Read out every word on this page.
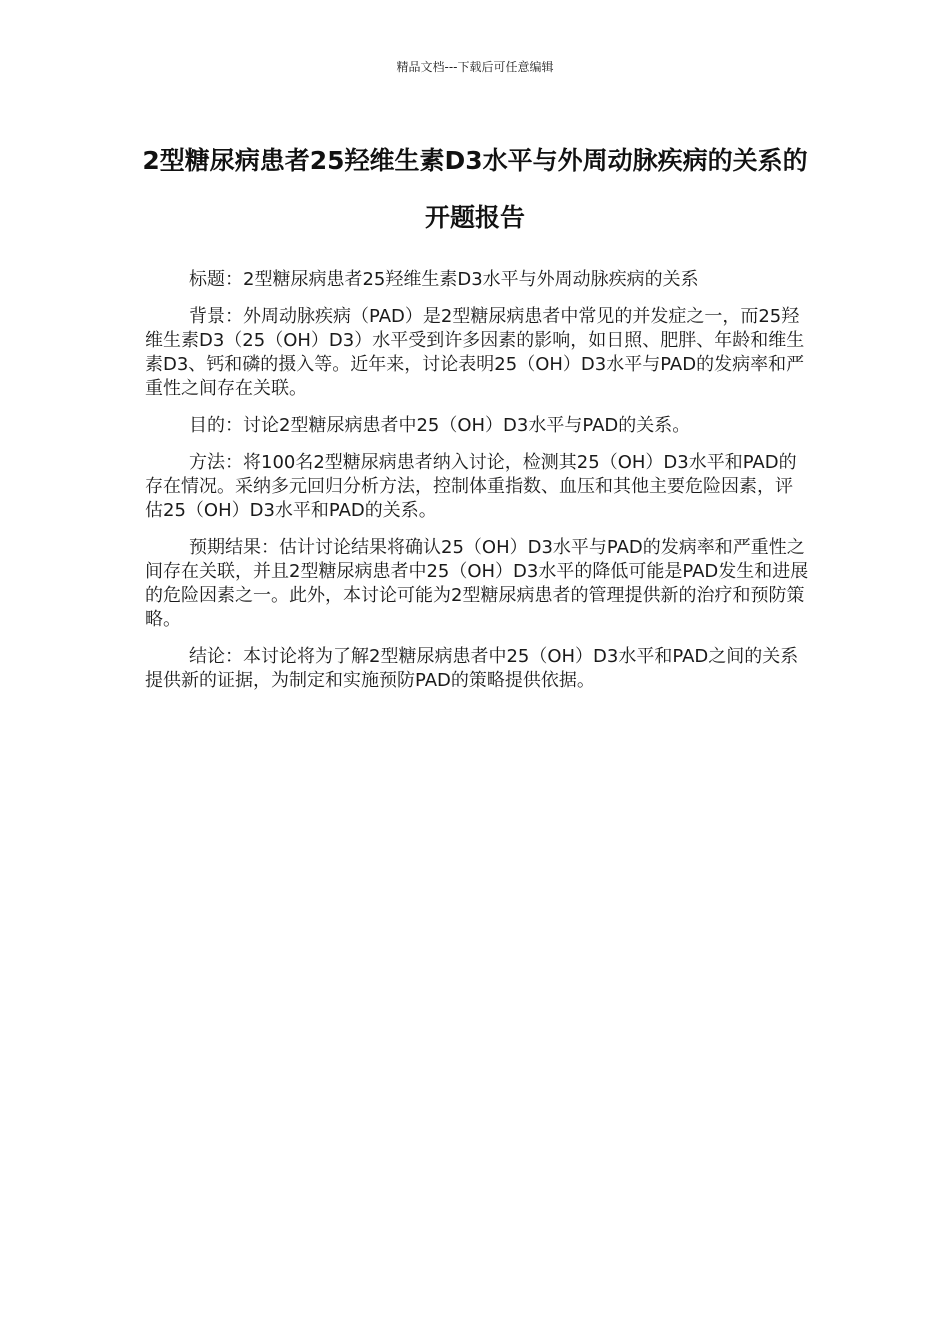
精品文档---下载后可任意编辑
2型糖尿病患者25羟维生素D3水平与外周动脉疾病的关系的开题报告

标题：2型糖尿病患者25羟维生素D3水平与外周动脉疾病的关系

背景：外周动脉疾病（PAD）是2型糖尿病患者中常见的并发症之一，而25羟维生素D3（25（OH）D3）水平受到许多因素的影响，如日照、肥胖、年龄和维生素D3、钙和磷的摄入等。近年来，讨论表明25（OH）D3水平与PAD的发病率和严重性之间存在关联。

目的：讨论2型糖尿病患者中25（OH）D3水平与PAD的关系。

方法：将100名2型糖尿病患者纳入讨论，检测其25（OH）D3水平和PAD的存在情况。采纳多元回归分析方法，控制体重指数、血压和其他主要危险因素，评估25（OH）D3水平和PAD的关系。

预期结果：估计讨论结果将确认25（OH）D3水平与PAD的发病率和严重性之间存在关联，并且2型糖尿病患者中25（OH）D3水平的降低可能是PAD发生和进展的危险因素之一。此外，本讨论可能为2型糖尿病患者的管理提供新的治疗和预防策略。

结论：本讨论将为了解2型糖尿病患者中25（OH）D3水平和PAD之间的关系提供新的证据，为制定和实施预防PAD的策略提供依据。
